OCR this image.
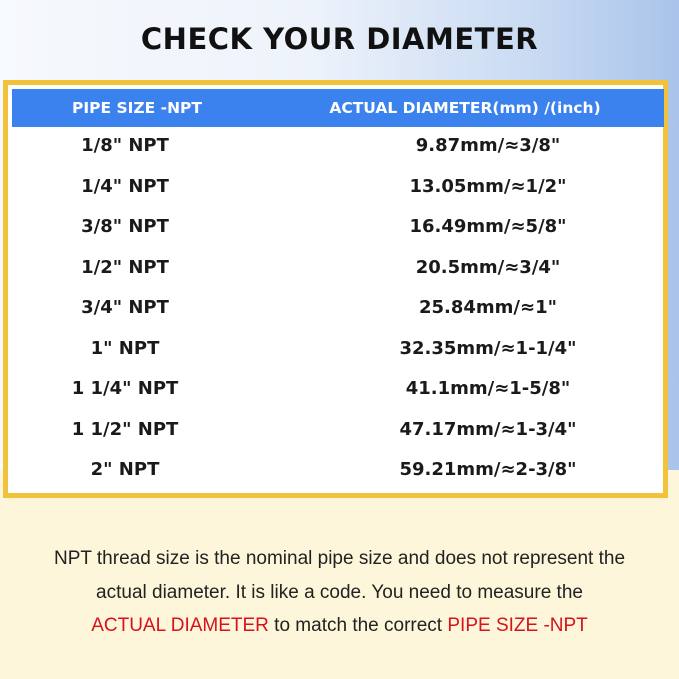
CHECK YOUR DIAMETER
PIPE SIZE -NPT	ACTUAL DIAMETER(mm) /(inch)
1/8" NPT	9.87mm/≈3/8"
1/4" NPT	13.05mm/≈1/2"
3/8" NPT	16.49mm/≈5/8"
1/2" NPT	20.5mm/≈3/4"
3/4" NPT	25.84mm/≈1"
1" NPT	32.35mm/≈1-1/4"
1 1/4" NPT	41.1mm/≈1-5/8"
1 1/2" NPT	47.17mm/≈1-3/4"
2" NPT	59.21mm/≈2-3/8"
NPT thread size is the nominal pipe size and does not represent the
actual diameter. It is like a code. You need to measure the
ACTUAL DIAMETER to match the correct PIPE SIZE -NPT
